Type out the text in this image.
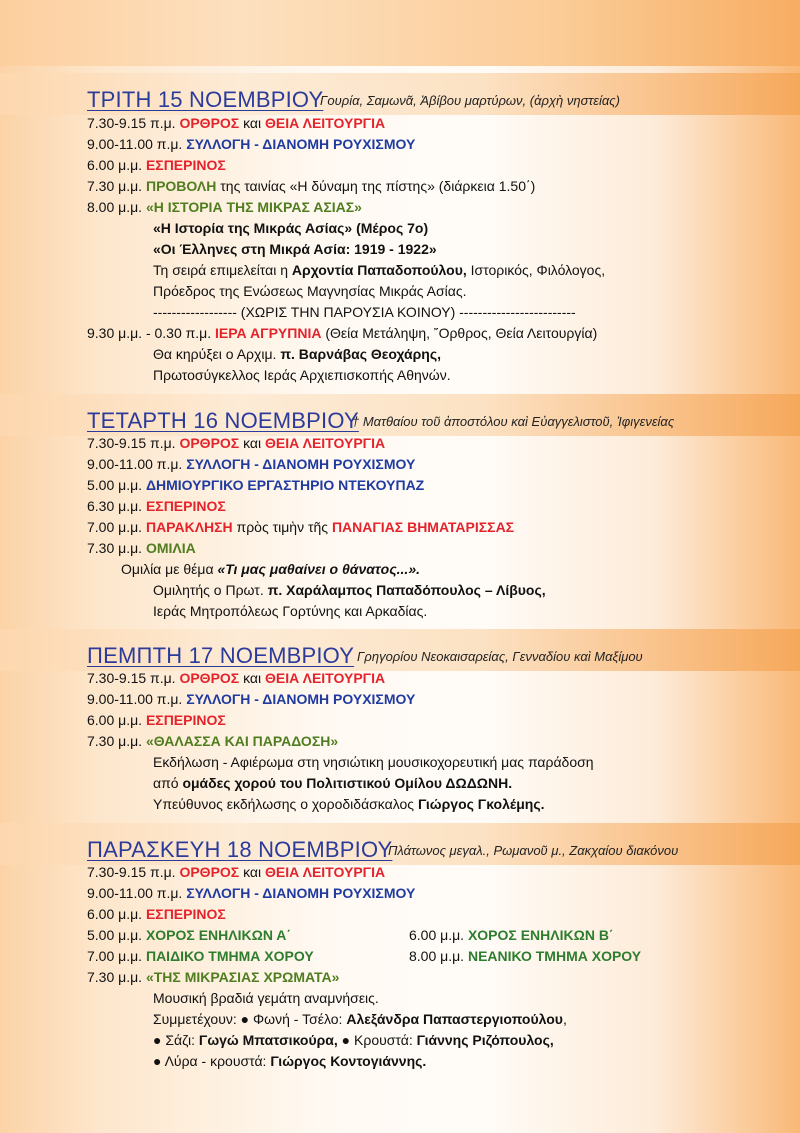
ΤΡΙΤΗ 15 ΝΟΕΜΒΡΙΟΥ
Γουρία, Σαμωνᾶ, Ἀβίβου μαρτύρων, (ἀρχὴ νηστείας)
7.30-9.15 π.μ. ΟΡΘΡΟΣ και ΘΕΙΑ ΛΕΙΤΟΥΡΓΙΑ
9.00-11.00 π.μ. ΣΥΛΛΟΓΗ - ΔΙΑΝΟΜΗ ΡΟΥΧΙΣΜΟΥ
6.00 μ.μ. ΕΣΠΕΡΙΝΟΣ
7.30 μ.μ. ΠΡΟΒΟΛΗ της ταινίας «Η δύναμη της πίστης» (διάρκεια 1.50΄)
8.00 μ.μ. «Η ΙΣΤΟΡΙΑ ΤΗΣ ΜΙΚΡΑΣ ΑΣΙΑΣ»
«Η Ιστορία της Μικράς Ασίας» (Μέρος 7ο)
«Οι Έλληνες στη Μικρά Ασία: 1919 - 1922»
Τη σειρά επιμελείται η Αρχοντία Παπαδοπούλου, Ιστορικός, Φιλόλογος,
Πρόεδρος της Ενώσεως Μαγνησίας Μικράς Ασίας.
------------------ (ΧΩΡΙΣ ΤΗΝ ΠΑΡΟΥΣΙΑ ΚΟΙΝΟΥ) -------------------------
9.30 μ.μ. - 0.30 π.μ. ΙΕΡΑ ΑΓΡΥΠΝΙΑ (Θεία Μετάληψη, ῎Ορθρος, Θεία Λειτουργία)
Θα κηρύξει ο Αρχιμ. π. Βαρνάβας Θεοχάρης,
Πρωτοσύγκελλος Ιεράς Αρχιεπισκοπής Αθηνών.
ΤΕΤΑΡΤΗ 16 ΝΟΕΜΒΡΙΟΥ
† Ματθαίου τοῦ ἀποστόλου καὶ Εὐαγγελιστοῦ, Ἰφιγενείας
7.30-9.15 π.μ. ΟΡΘΡΟΣ και ΘΕΙΑ ΛΕΙΤΟΥΡΓΙΑ
9.00-11.00 π.μ. ΣΥΛΛΟΓΗ - ΔΙΑΝΟΜΗ ΡΟΥΧΙΣΜΟΥ
5.00 μ.μ. ΔΗΜΙΟΥΡΓΙΚΟ ΕΡΓΑΣΤΗΡΙΟ ΝΤΕΚΟΥΠΑΖ
6.30 μ.μ. ΕΣΠΕΡΙΝΟΣ
7.00 μ.μ. ΠΑΡΑΚΛΗΣΗ πρὸς τιμὴν τῆς ΠΑΝΑΓΙΑΣ ΒΗΜΑΤΑΡΙΣΣΑΣ
7.30 μ.μ. ΟΜΙΛΙΑ
Ομιλία με θέμα «Τι μας μαθαίνει ο θάνατος...».
Ομιλητής ο Πρωτ. π. Χαράλαμπος Παπαδόπουλος – Λίβυος,
Ιεράς Μητροπόλεως Γορτύνης και Αρκαδίας.
ΠΕΜΠΤΗ 17 ΝΟΕΜΒΡΙΟΥ Γρηγορίου Νεοκαισαρείας, Γενναδίου καὶ Μαξίμου
7.30-9.15 π.μ. ΟΡΘΡΟΣ και ΘΕΙΑ ΛΕΙΤΟΥΡΓΙΑ
9.00-11.00 π.μ. ΣΥΛΛΟΓΗ - ΔΙΑΝΟΜΗ ΡΟΥΧΙΣΜΟΥ
6.00 μ.μ. ΕΣΠΕΡΙΝΟΣ
7.30 μ.μ. «ΘΑΛΑΣΣΑ ΚΑΙ ΠΑΡΑΔΟΣΗ»
Εκδήλωση - Αφιέρωμα στη νησιώτικη μουσικοχορευτική μας παράδοση
από ομάδες χορού του Πολιτιστικού Ομίλου ΔΩΔΩΝΗ.
Υπεύθυνος εκδήλωσης ο χοροδιδάσκαλος Γιώργος Γκολέμης.
ΠΑΡΑΣΚΕΥΗ 18 ΝΟΕΜΒΡΙΟΥ
Πλάτωνος μεγαλ., Ρωμανοῦ μ., Ζακχαίου διακόνου
7.30-9.15 π.μ. ΟΡΘΡΟΣ και ΘΕΙΑ ΛΕΙΤΟΥΡΓΙΑ
9.00-11.00 π.μ. ΣΥΛΛΟΓΗ - ΔΙΑΝΟΜΗ ΡΟΥΧΙΣΜΟΥ
6.00 μ.μ. ΕΣΠΕΡΙΝΟΣ
5.00 μ.μ. ΧΟΡΟΣ ΕΝΗΛΙΚΩΝ Α΄	6.00 μ.μ. ΧΟΡΟΣ ΕΝΗΛΙΚΩΝ Β΄
7.00 μ.μ. ΠΑΙΔΙΚΟ ΤΜΗΜΑ ΧΟΡΟΥ	8.00 μ.μ. ΝΕΑΝΙΚΟ ΤΜΗΜΑ ΧΟΡΟΥ
7.30 μ.μ. «ΤΗΣ ΜΙΚΡΑΣΙΑΣ ΧΡΩΜΑΤΑ»
Μουσική βραδιά γεμάτη αναμνήσεις.
Συμμετέχουν: ● Φωνή - Τσέλο: Αλεξάνδρα Παπαστεργιοπούλου,
● Σάζι: Γωγώ Μπατσικούρα, ● Κρουστά: Γιάννης Ριζόπουλος,
● Λύρα - κρουστά: Γιώργος Κοντογιάννης.
